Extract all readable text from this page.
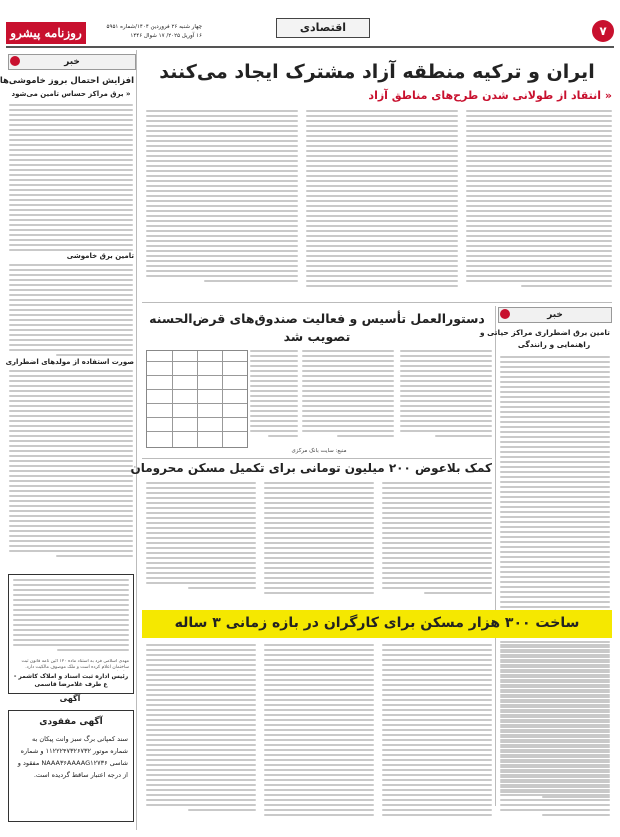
۷
اقتصادی
روزنامه پیشرو	چهار شنبه ۲۶ فروردین ۱۴۰۴/شماره ۵۹۵۱
۱۶ آوریل ۲۰۲۵/ ۱۷ شوال ۱۴۴۶
خبر
افزایش احتمال بروز خاموشی‌ها
« برق مراکز حساس تامین می‌شود
تامین برق خاموشی
صورت استفاده از مولدهای اضطراری
مهدی اسلامی فرد به استناد ماده ۱۲۰ آئین نامه قانون ثبت ساختمان اعلام کرده است و ملک موصوف مالکیت دارد.
رئیس اداره ثبت اسناد و املاک کاشمر - ع طرف غلامرضا قاسمی
آگهی
آگهی مفقودی
سند کمپانی برگ سبز وانت پیکان به شماره موتور ۱۱۲۲۲۴۷۳۲۶۷۳۲ و شماره شاسی NAAA۳۶AAAAG۱۲۷۳۶ مفقود و از درجه اعتبار ساقط گردیده است.
ایران و ترکیه منطقه آزاد مشترک ایجاد می‌کنند
« انتقاد از طولانی شدن طرح‌های مناطق آزاد
خبر
تامین برق اضطراری مراکز حیاتی و
راهنمایی و رانندگی
دستورالعمل تأسیس و فعالیت صندوق‌های قرض‌الحسنه
تصویب شد
منبع: سایت بانک مرکزی
کمک بلاعوض ۲۰۰ میلیون تومانی برای تکمیل مسکن محرومان
ساخت ۳۰۰ هزار مسکن برای کارگران در بازه زمانی ۳ ساله
